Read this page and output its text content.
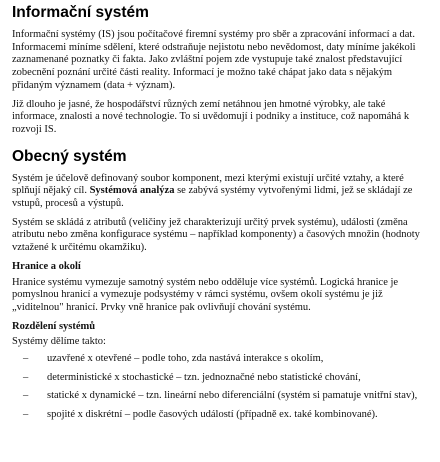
Informační systém

Informační systémy (IS) jsou počítačové firemní systémy pro sběr a zpracování informací a dat. Informacemi míníme sdělení, které odstraňuje nejistotu nebo nevědomost, daty míníme jakékoli zaznamenané poznatky či fakta. Jako zvláštní pojem zde vystupuje také znalost představující zobecnění poznání určité části reality. Informací je možno také chápat jako data s nějakým přidaným významem (data + význam).

Již dlouho je jasné, že hospodářství různých zemí netáhnou jen hmotné výrobky, ale také informace, znalosti a nové technologie. To si uvědomují i podniky a instituce, což napomáhá k rozvoji IS.

Obecný systém

Systém je účelově definovaný soubor komponent, mezi kterými existují určité vztahy, a které splňují nějaký cíl. Systémová analýza se zabývá systémy vytvořenými lidmi, jež se skládají ze vstupů, procesů a výstupů.

Systém se skládá z atributů (veličiny jež charakterizují určitý prvek systému), události (změna atributu nebo změna konfigurace systému – například komponenty) a časových množin (hodnoty vztažené k určitému okamžiku).

Hranice a okolí

Hranice systému vymezuje samotný systém nebo odděluje více systémů. Logická hranice je pomyslnou hranicí a vymezuje podsystémy v rámci systému, ovšem okolí systému je již „viditelnou" hranicí. Prvky vně hranice pak ovlivňují chování systému.

Rozdělení systémů

Systémy dělíme takto:

– uzavřené x otevřené – podle toho, zda nastává interakce s okolím,
– deterministické x stochastické – tzn. jednoznačné nebo statistické chování,
– statické x dynamické – tzn. lineární nebo diferenciální (systém si pamatuje vnitřní stav),
– spojité x diskrétní – podle časových událostí (případně ex. také kombinované).
